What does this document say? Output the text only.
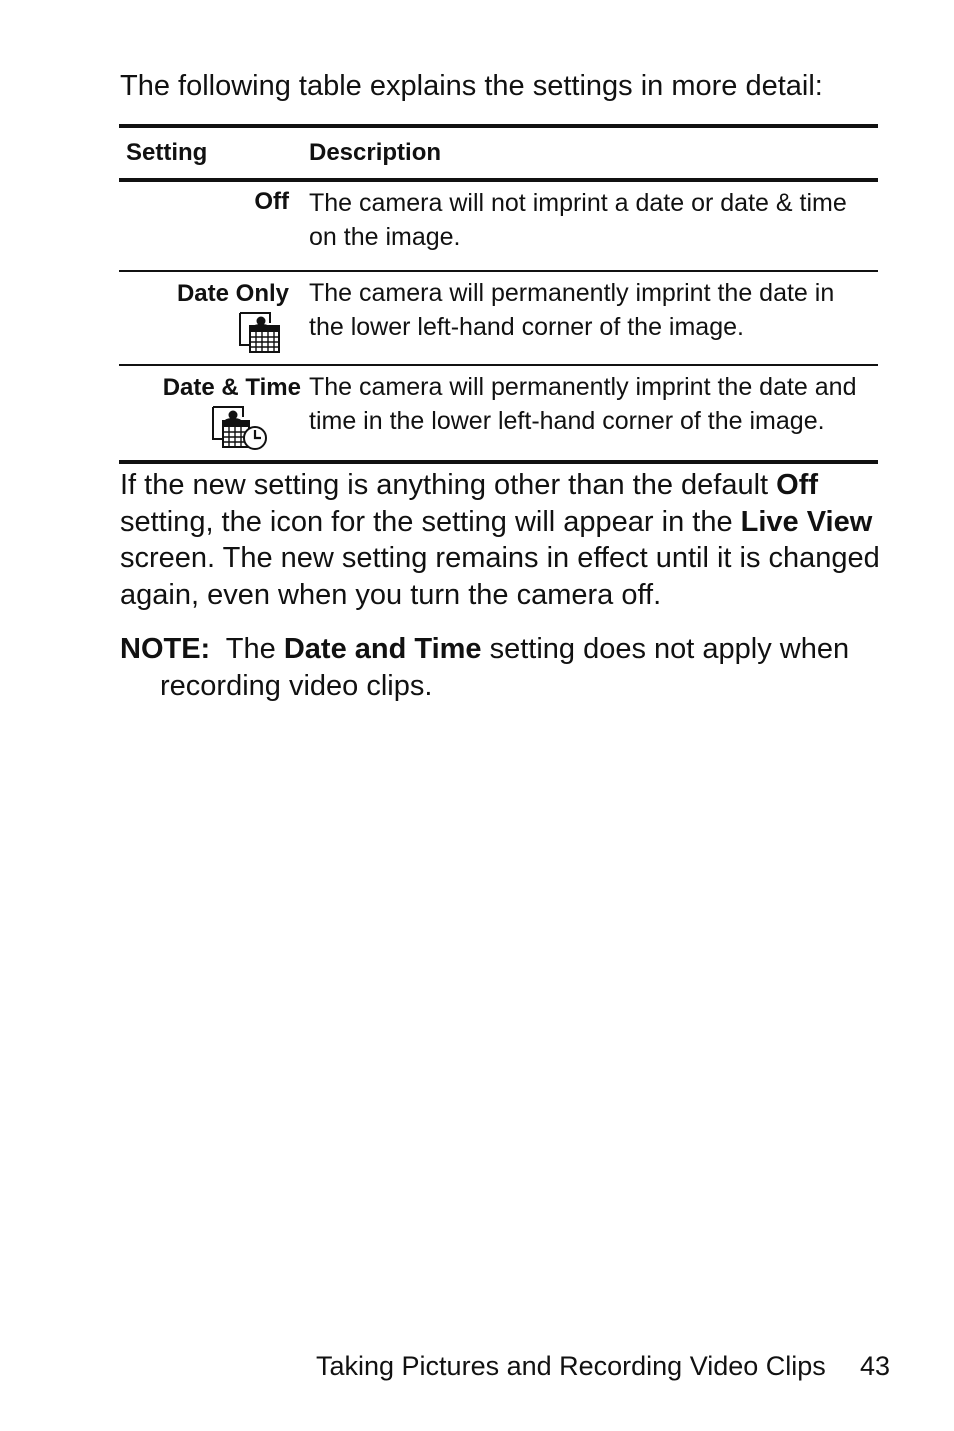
The following table explains the settings in more detail:
Setting	Description

Off	The camera will not imprint a date or date & time on the image.

Date Only	The camera will permanently imprint the date in the lower left-hand corner of the image.

Date & Time	The camera will permanently imprint the date and time in the lower left-hand corner of the image.
If the new setting is anything other than the default Off setting, the icon for the setting will appear in the Live View screen. The new setting remains in effect until it is changed again, even when you turn the camera off.
NOTE:  The Date and Time setting does not apply when
recording video clips.
Taking Pictures and Recording Video Clips 43
